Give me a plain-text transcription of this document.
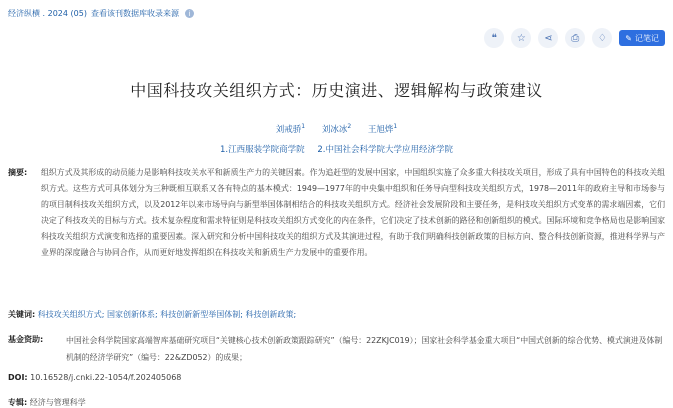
经济纵横 . 2024 (05) 查看该刊数据库收录来源	i
❝	☆	⋖	⎙	♢	✎ 记笔记
中国科技攻关组织方式：历史演进、逻辑解构与政策建议
刘戒骄$^1$ 刘冰冰$^2$ 王旭烨$^1$
1.江西服装学院商学院 2.中国社会科学院大学应用经济学院
摘要: 组织方式及其形成的动员能力是影响科技攻关水平和新质生产力的关键因素。作为追赶型的发展中国家，中国组织实施了众多重大科技攻关项目，形成了具有中国特色的科技攻关组织方式。这些方式可具体划分为三种既相互联系又各有特点的基本模式：1949—1977年的中央集中组织和任务导向型科技攻关组织方式，1978—2011年的政府主导和市场参与的项目制科技攻关组织方式，以及2012年以来市场导向与新型举国体制相结合的科技攻关组织方式。经济社会发展阶段和主要任务，是科技攻关组织方式变革的需求端因素，它们决定了科技攻关的目标与方式。技术复杂程度和需求特征则是科技攻关组织方式变化的内在条件，它们决定了技术创新的路径和创新组织的模式。国际环境和竞争格局也是影响国家科技攻关组织方式演变和选择的重要因素。深入研究和分析中国科技攻关的组织方式及其演进过程，有助于我们明确科技创新政策的目标方向、整合科技创新资源，推进科学界与产业界的深度融合与协同合作，从而更好地发挥组织在科技攻关和新质生产力发展中的重要作用。
关键词: 科技攻关组织方式; 国家创新体系; 科技创新新型举国体制; 科技创新政策;
基金资助:	中国社会科学院国家高端智库基础研究项目“关键核心技术创新政策跟踪研究”（编号：22ZKJC019）；国家社会科学基金重大项目“中国式创新的综合优势、模式演进及体制机制的经济学研究”（编号：22&ZD052）的成果；
DOI: 10.16528/j.cnki.22-1054/f.202405068
专辑: 经济与管理科学
